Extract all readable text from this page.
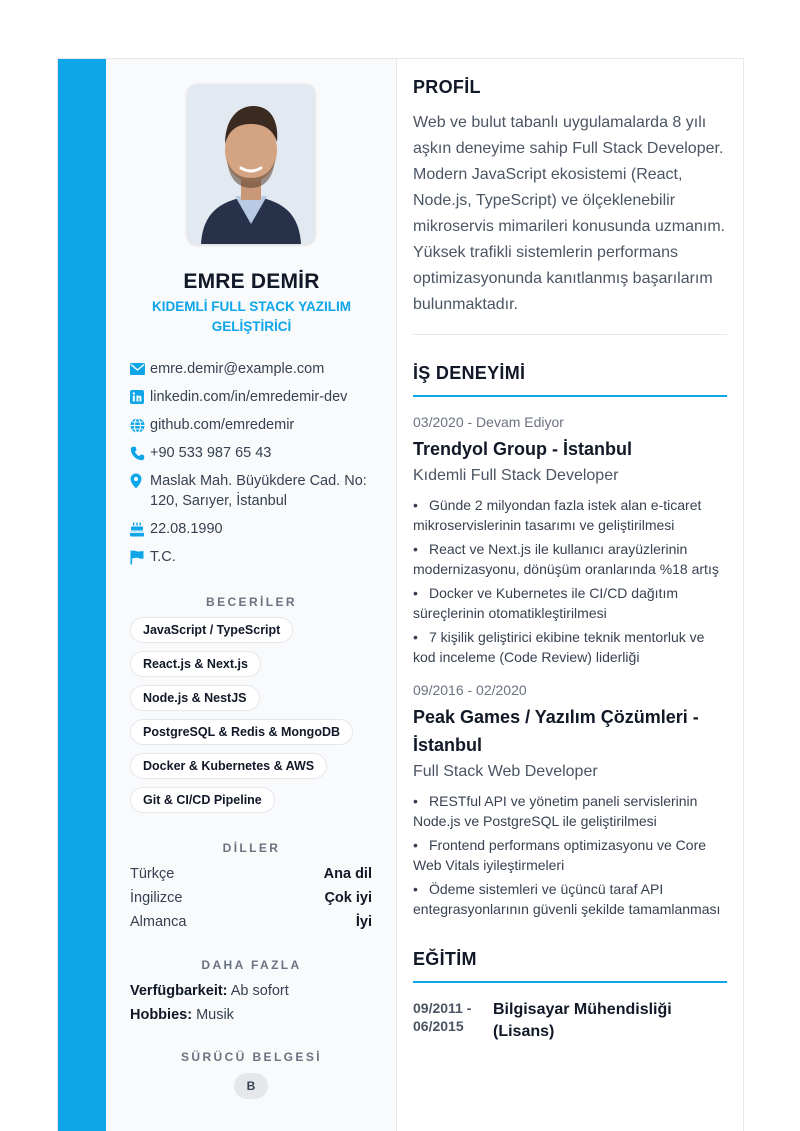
EMRE DEMİR
KIDEMLİ FULL STACK YAZILIM GELİŞTİRİCİ
emre.demir@example.com
linkedin.com/in/emredemir-dev
github.com/emredemir
+90 533 987 65 43
Maslak Mah. Büyükdere Cad. No: 120, Sarıyer, İstanbul
22.08.1990
T.C.
BECERİLER
JavaScript / TypeScript
React.js & Next.js
Node.js & NestJS
PostgreSQL & Redis & MongoDB
Docker & Kubernetes & AWS
Git & CI/CD Pipeline
DİLLER
Türkçe	Ana dil
İngilizce	Çok iyi
Almanca	İyi
DAHA FAZLA
Verfügbarkeit: Ab sofort
Hobbies: Musik
SÜRÜCÜ BELGESİ
B
PROFİL
Web ve bulut tabanlı uygulamalarda 8 yılı aşkın deneyime sahip Full Stack Developer. Modern JavaScript ekosistemi (React, Node.js, TypeScript) ve ölçeklenebilir mikroservis mimarileri konusunda uzmanım. Yüksek trafikli sistemlerin performans optimizasyonunda kanıtlanmış başarılarım bulunmaktadır.
İŞ DENEYİMİ
03/2020 - Devam Ediyor
Trendyol Group - İstanbul
Kıdemli Full Stack Developer
• Günde 2 milyondan fazla istek alan e-ticaret mikroservislerinin tasarımı ve geliştirilmesi
• React ve Next.js ile kullanıcı arayüzlerinin modernizasyonu, dönüşüm oranlarında %18 artış
• Docker ve Kubernetes ile CI/CD dağıtım süreçlerinin otomatikleştirilmesi
• 7 kişilik geliştirici ekibine teknik mentorluk ve kod inceleme (Code Review) liderliği
09/2016 - 02/2020
Peak Games / Yazılım Çözümleri - İstanbul
Full Stack Web Developer
• RESTful API ve yönetim paneli servislerinin Node.js ve PostgreSQL ile geliştirilmesi
• Frontend performans optimizasyonu ve Core Web Vitals iyileştirmeleri
• Ödeme sistemleri ve üçüncü taraf API entegrasyonlarının güvenli şekilde tamamlanması
EĞİTİM
09/2011 - 06/2015
Bilgisayar Mühendisliği (Lisans)
